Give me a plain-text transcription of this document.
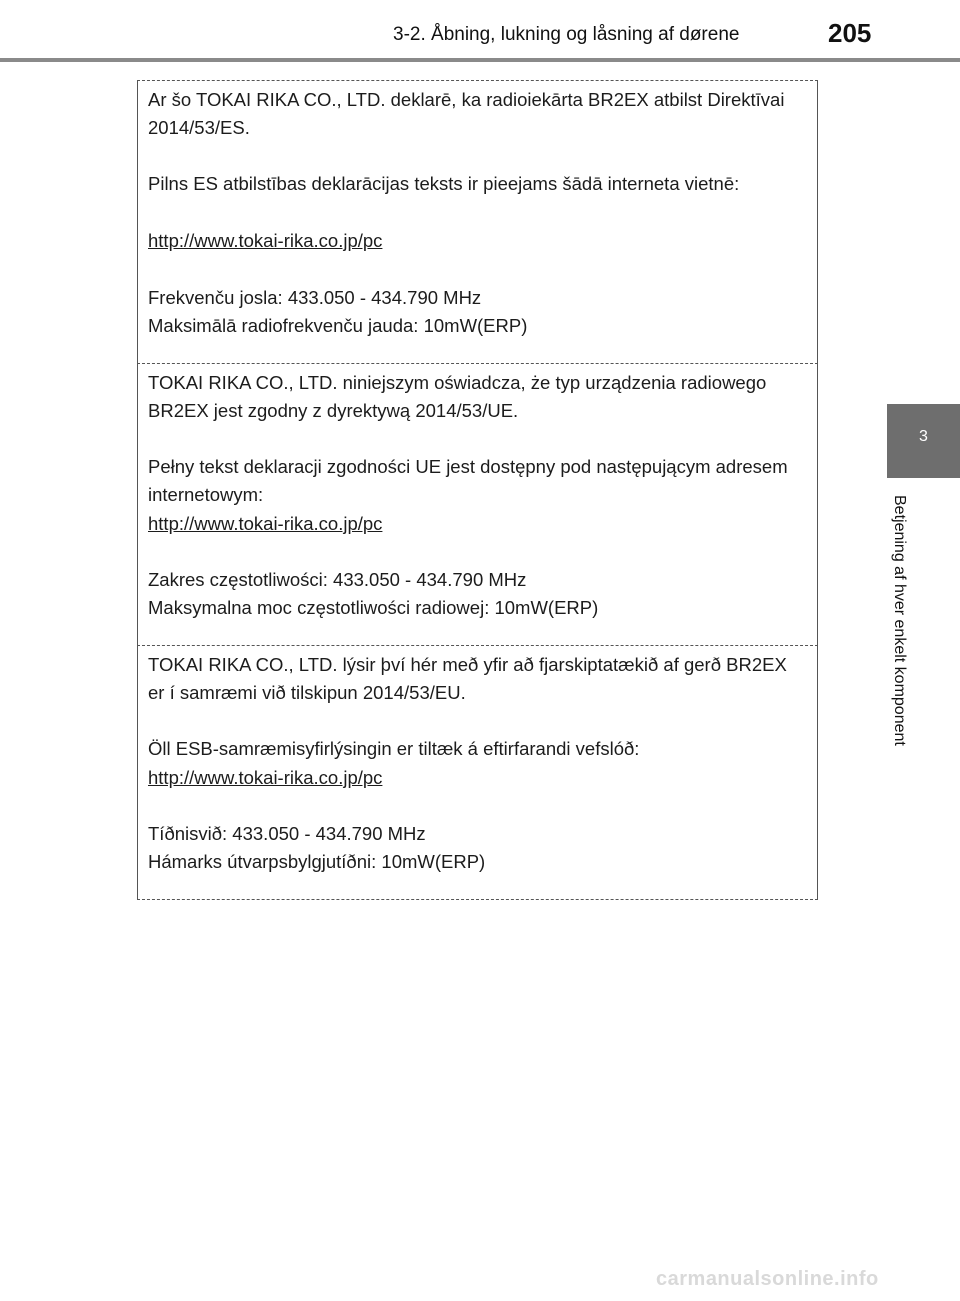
3-2. Åbning, lukning og låsning af dørene	205
3
Betjening af hver enkelt komponent
Ar šo TOKAI RIKA CO., LTD. deklarē, ka radioiekārta BR2EX atbilst Direktīvai 2014/53/ES.
Pilns ES atbilstības deklarācijas teksts ir pieejams šādā interneta vietnē:
http://www.tokai-rika.co.jp/pc
Frekvenču josla: 433.050 - 434.790 MHz
Maksimālā radiofrekvenču jauda: 10mW(ERP)
TOKAI RIKA CO., LTD. niniejszym oświadcza, że typ urządzenia radiowego BR2EX jest zgodny z dyrektywą 2014/53/UE.
Pełny tekst deklaracji zgodności UE jest dostępny pod następującym adresem internetowym:
http://www.tokai-rika.co.jp/pc
Zakres częstotliwości: 433.050 - 434.790 MHz
Maksymalna moc częstotliwości radiowej: 10mW(ERP)
TOKAI RIKA CO., LTD. lýsir því hér með yfir að fjarskiptatækið af gerð BR2EX er í samræmi við tilskipun 2014/53/EU.
Öll ESB-samræmisyfirlýsingin er tiltæk á eftirfarandi vefslóð:
http://www.tokai-rika.co.jp/pc
Tíðnisvið: 433.050 - 434.790 MHz
Hámarks útvarpsbylgjutíðni: 10mW(ERP)
carmanualsonline.info
